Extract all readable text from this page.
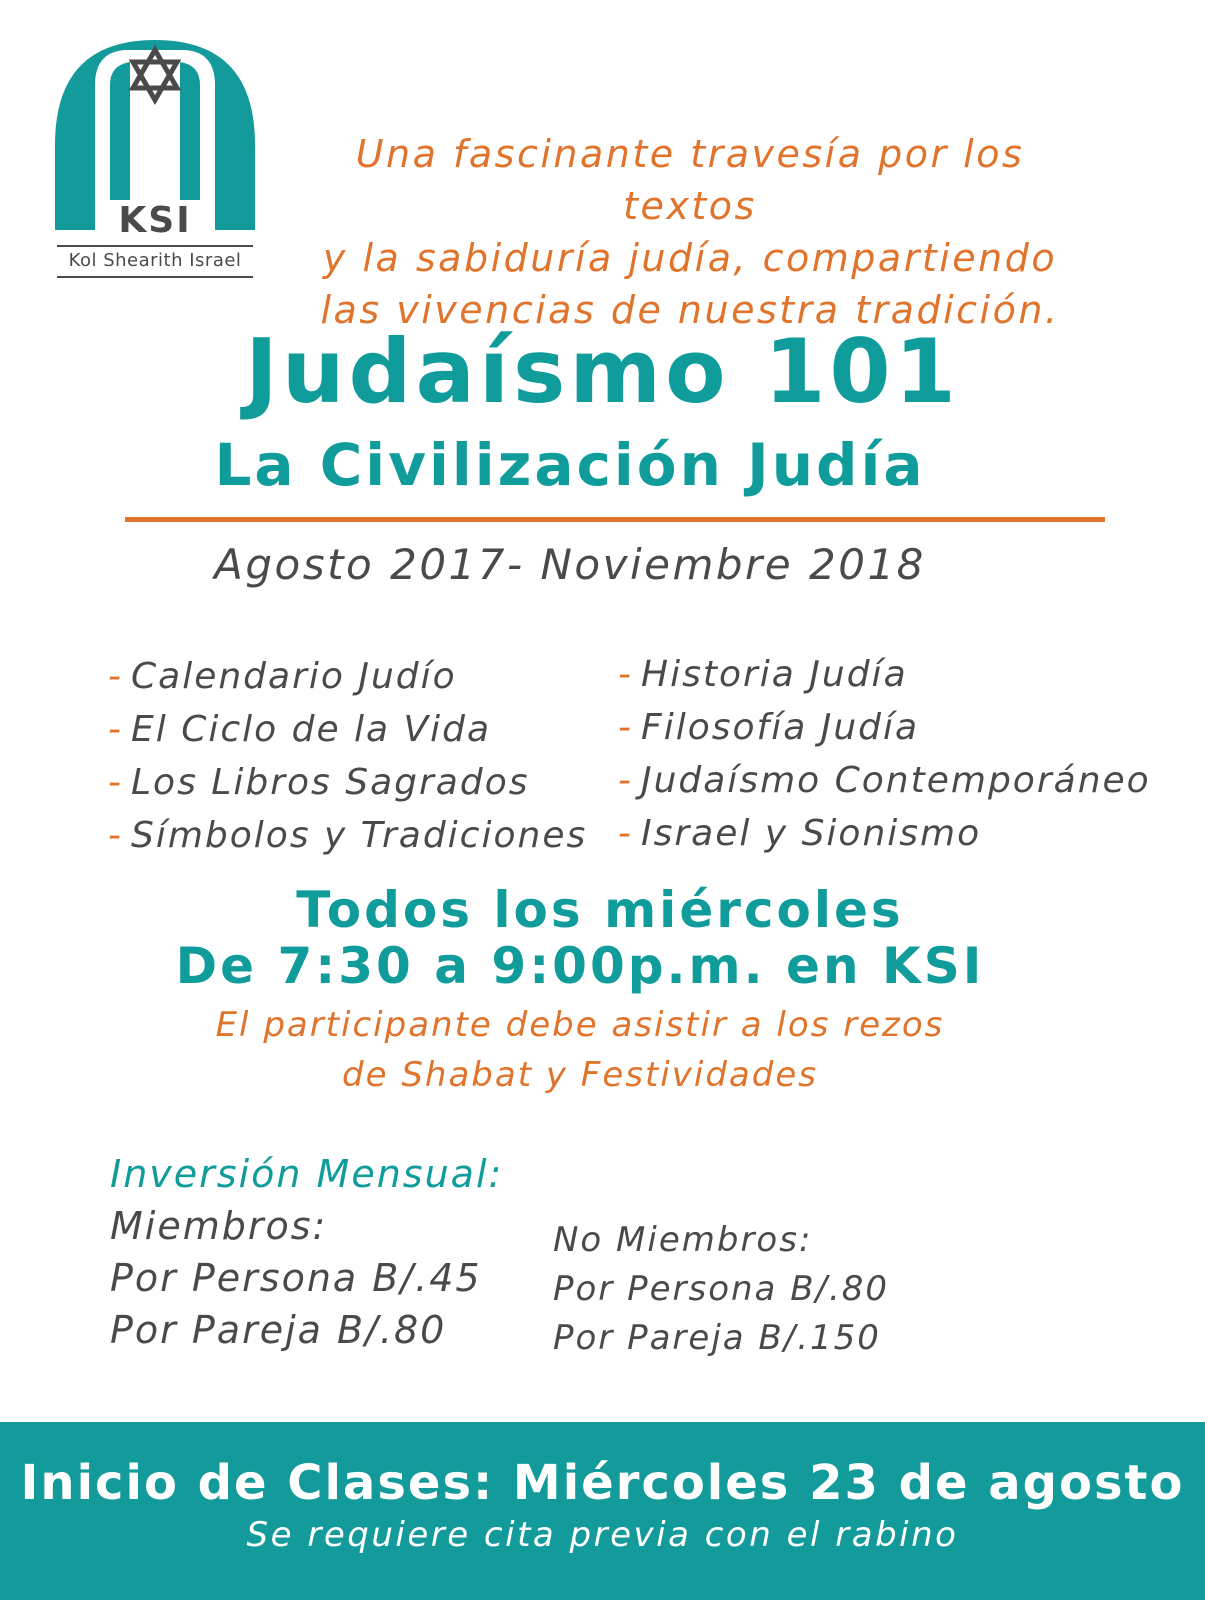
KSI
Kol Shearith Israel
Una fascinante travesía por los textos
y la sabiduría judía, compartiendo
las vivencias de nuestra tradición.
Judaísmo 101
La Civilización Judía
Agosto 2017- Noviembre 2018
- Calendario Judío
- El Ciclo de la Vida
- Los Libros Sagrados
- Símbolos y Tradiciones
- Historia Judía
- Filosofía Judía
- Judaísmo Contemporáneo
- Israel y Sionismo
Todos los miércoles
De 7:30 a 9:00p.m. en KSI
El participante debe asistir a los rezos
de Shabat y Festividades
Inversión Mensual:
Miembros:
Por Persona B/.45
Por Pareja B/.80
No Miembros:
Por Persona B/.80
Por Pareja B/.150
Inicio de Clases: Miércoles 23 de agosto
Se requiere cita previa con el rabino
